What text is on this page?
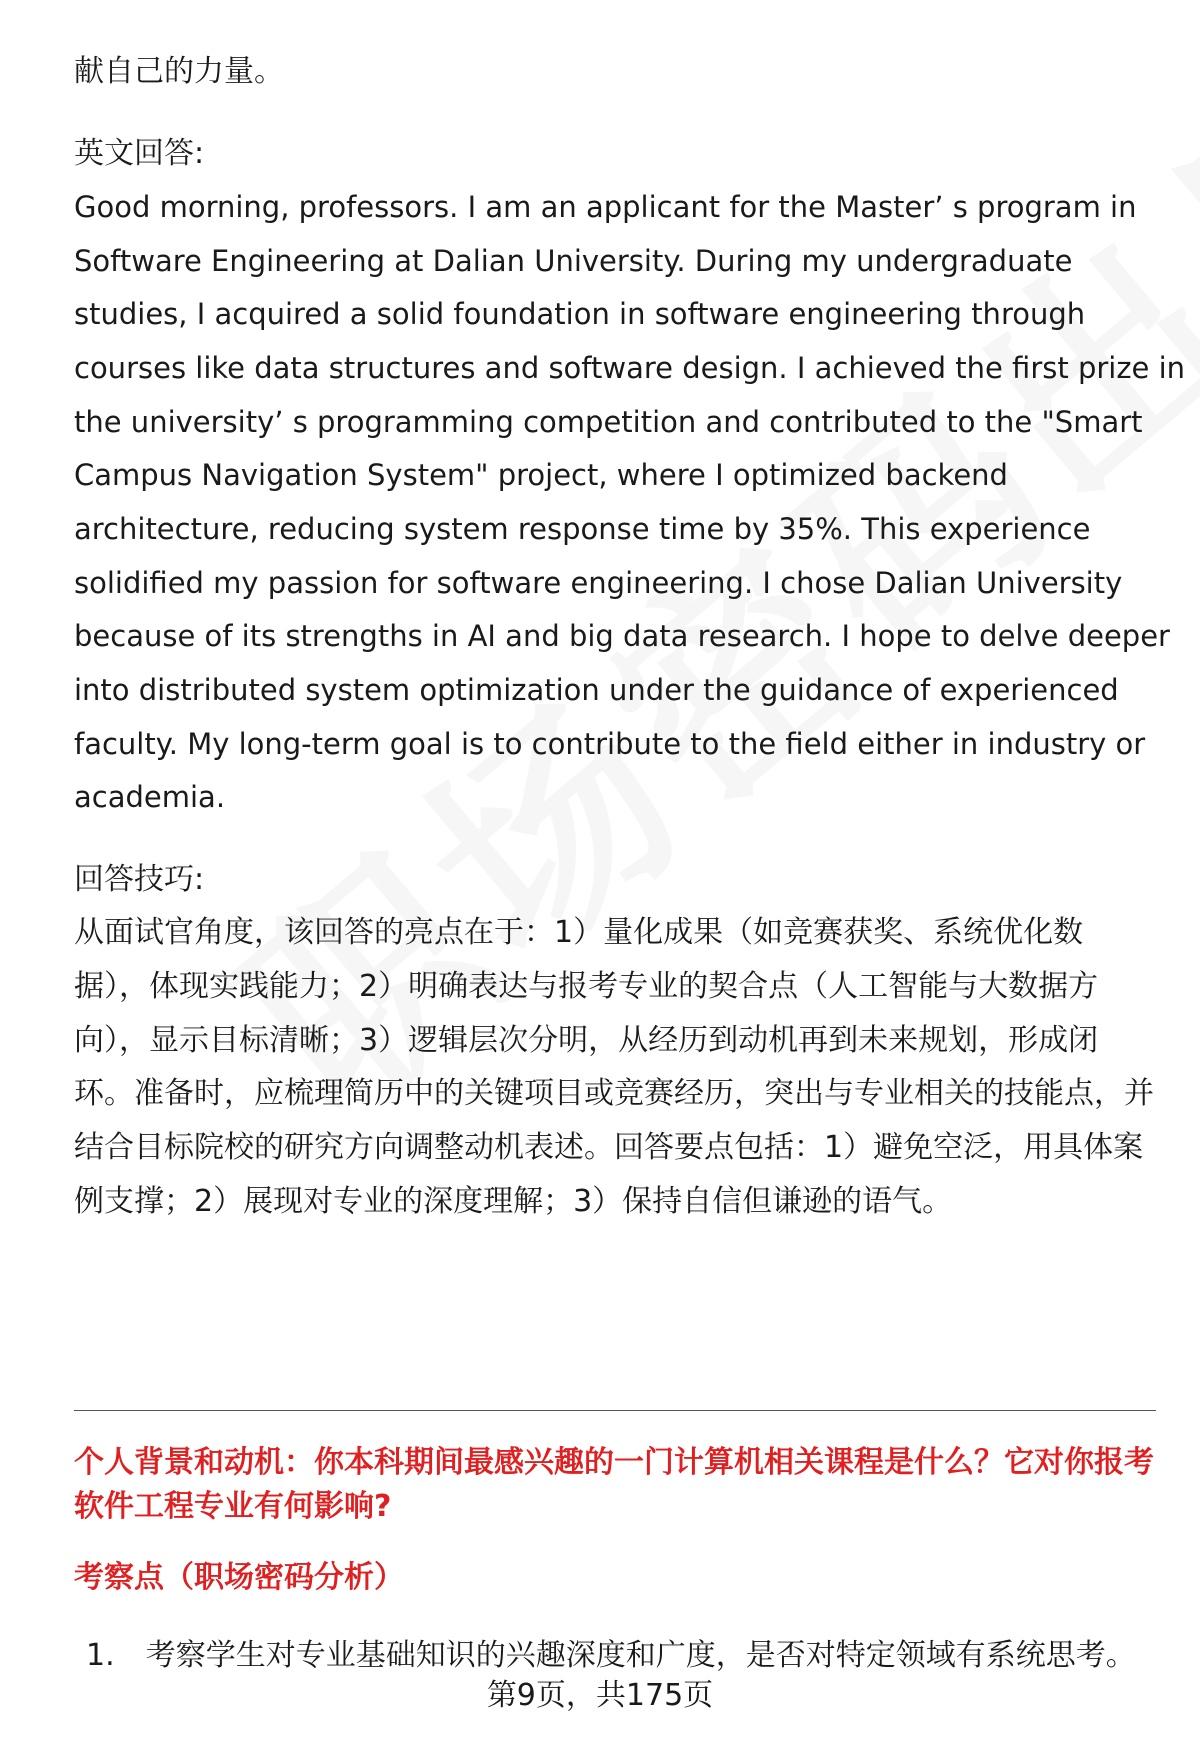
献自己的力量。
英文回答:
Good morning, professors. I am an applicant for the Master’ s program in
Software Engineering at Dalian University. During my undergraduate
studies, I acquired a solid foundation in software engineering through
courses like data structures and software design. I achieved the first prize in
the university’ s programming competition and contributed to the "Smart
Campus Navigation System" project, where I optimized backend
architecture, reducing system response time by 35%. This experience
solidified my passion for software engineering. I chose Dalian University
because of its strengths in AI and big data research. I hope to delve deeper
into distributed system optimization under the guidance of experienced
faculty. My long-term goal is to contribute to the field either in industry or
academia.
回答技巧:
从面试官角度，该回答的亮点在于：1）量化成果（如竞赛获奖、系统优化数
据），体现实践能力；2）明确表达与报考专业的契合点（人工智能与大数据方
向），显示目标清晰；3）逻辑层次分明，从经历到动机再到未来规划，形成闭
环。准备时，应梳理简历中的关键项目或竞赛经历，突出与专业相关的技能点，并
结合目标院校的研究方向调整动机表述。回答要点包括：1）避免空泛，用具体案
例支撑；2）展现对专业的深度理解；3）保持自信但谦逊的语气。
个人背景和动机：你本科期间最感兴趣的一门计算机相关课程是什么？它对你报考
软件工程专业有何影响?
考察点（职场密码分析）
1. 考察学生对专业基础知识的兴趣深度和广度，是否对特定领域有系统思考。
第9页，共175页
